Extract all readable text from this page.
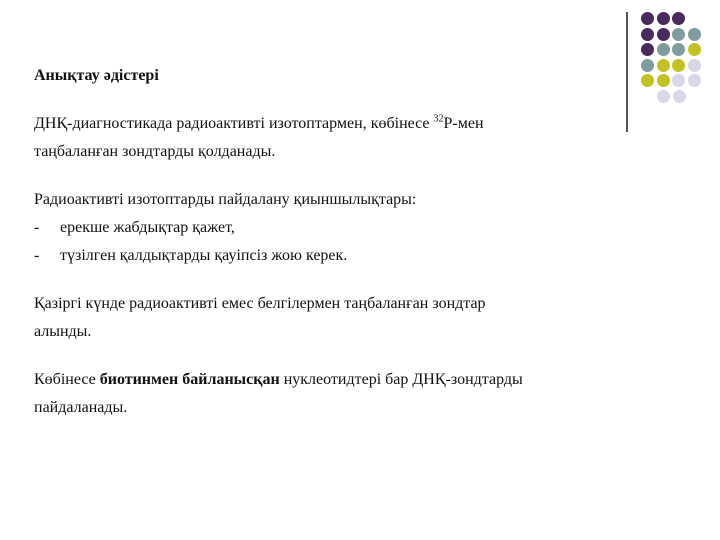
Анықтау әдістері

ДНҚ-диагностикада радиоактивті изотоптармен, көбінесе $^{32}$Р-мен

таңбаланған зондтарды қолданады.

Радиоактивті изотоптарды пайдалану қиыншылықтары:

-	ерекше жабдықтар қажет,
-	түзілген қалдықтарды қауіпсіз жою керек.

Қазіргі күнде радиоактивті емес белгілермен таңбаланған зондтар

алынды.

Көбінесе биотинмен байланысқан нуклеотидтері бар ДНҚ-зондтарды

пайдаланады.
